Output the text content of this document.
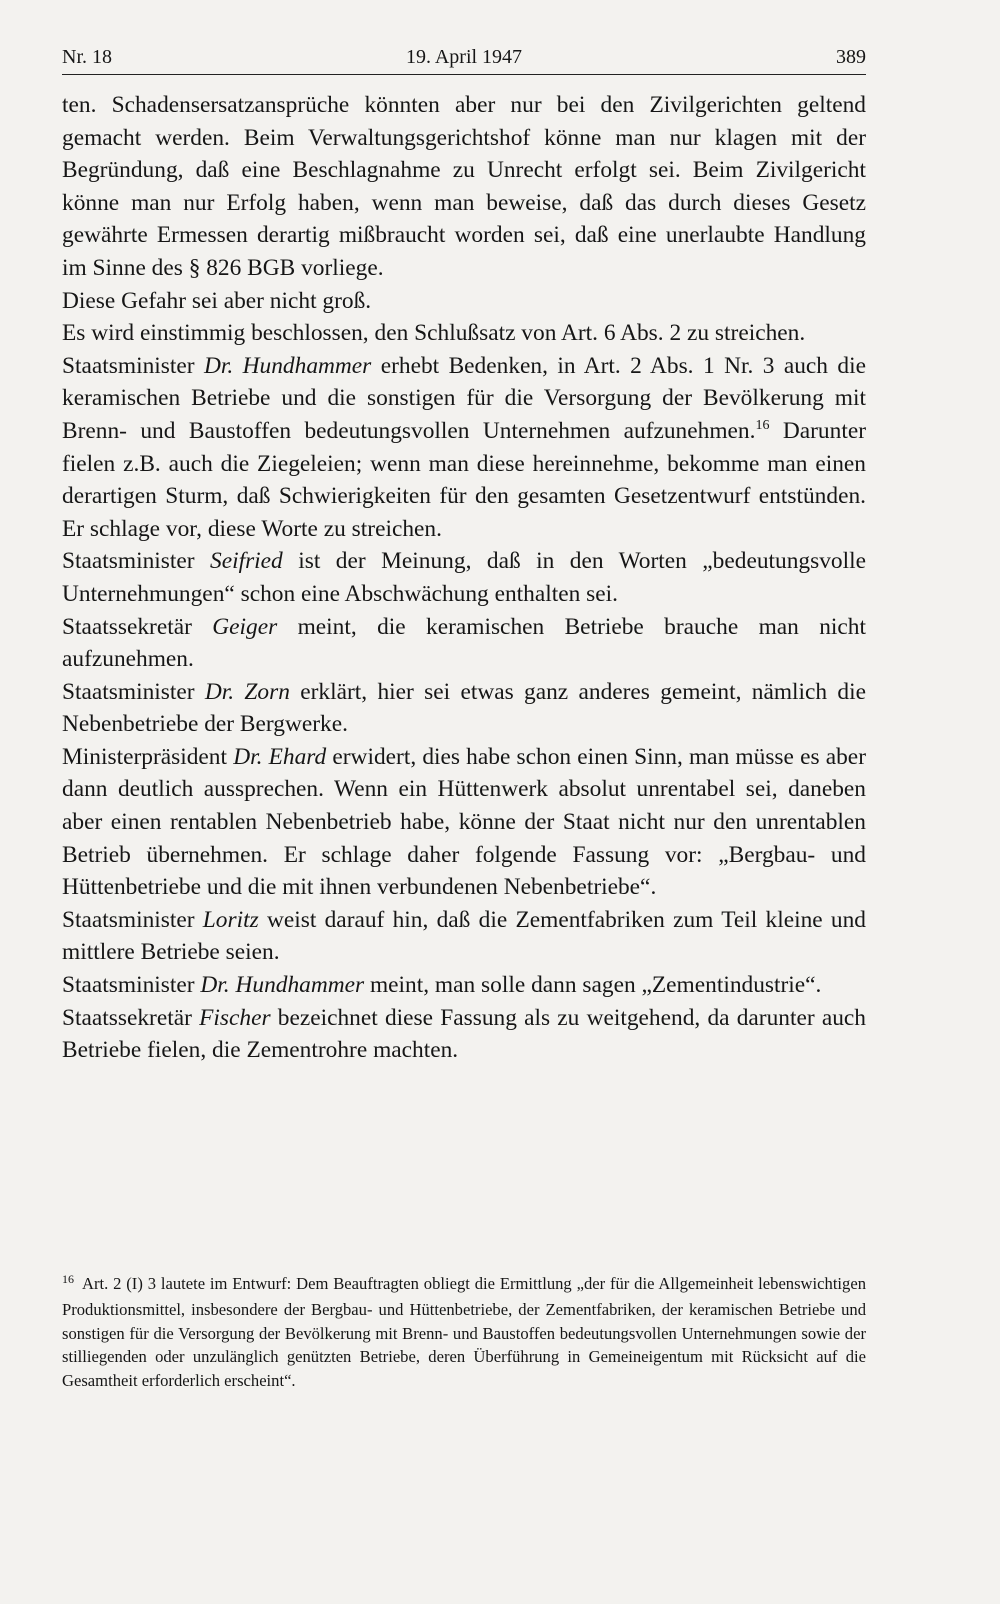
Nr. 18	19. April 1947	389

ten. Schadensersatzansprüche könnten aber nur bei den Zivilgerichten geltend gemacht werden. Beim Verwaltungsgerichtshof könne man nur klagen mit der Begründung, daß eine Beschlagnahme zu Unrecht erfolgt sei. Beim Zivilgericht könne man nur Erfolg haben, wenn man beweise, daß das durch dieses Gesetz gewährte Ermessen derartig mißbraucht worden sei, daß eine unerlaubte Handlung im Sinne des § 826 BGB vorliege.

Diese Gefahr sei aber nicht groß.

Es wird einstimmig beschlossen, den Schlußsatz von Art. 6 Abs. 2 zu streichen.

Staatsminister Dr. Hundhammer erhebt Bedenken, in Art. 2 Abs. 1 Nr. 3 auch die keramischen Betriebe und die sonstigen für die Versorgung der Bevölkerung mit Brenn- und Baustoffen bedeutungsvollen Unternehmen aufzunehmen.$^{16}$ Darunter fielen z.B. auch die Ziegeleien; wenn man diese hereinnehme, bekomme man einen derartigen Sturm, daß Schwierigkeiten für den gesamten Gesetzentwurf entstünden. Er schlage vor, diese Worte zu streichen.

Staatsminister Seifried ist der Meinung, daß in den Worten „bedeutungsvolle Unternehmungen“ schon eine Abschwächung enthalten sei.

Staatssekretär Geiger meint, die keramischen Betriebe brauche man nicht aufzunehmen.

Staatsminister Dr. Zorn erklärt, hier sei etwas ganz anderes gemeint, nämlich die Nebenbetriebe der Bergwerke.

Ministerpräsident Dr. Ehard erwidert, dies habe schon einen Sinn, man müsse es aber dann deutlich aussprechen. Wenn ein Hüttenwerk absolut unrentabel sei, daneben aber einen rentablen Nebenbetrieb habe, könne der Staat nicht nur den unrentablen Betrieb übernehmen. Er schlage daher folgende Fassung vor: „Bergbau- und Hüttenbetriebe und die mit ihnen verbundenen Nebenbetriebe“.

Staatsminister Loritz weist darauf hin, daß die Zementfabriken zum Teil kleine und mittlere Betriebe seien.

Staatsminister Dr. Hundhammer meint, man solle dann sagen „Zementindustrie“.

Staatssekretär Fischer bezeichnet diese Fassung als zu weitgehend, da darunter auch Betriebe fielen, die Zementrohre machten.

$^{16}$ Art. 2 (I) 3 lautete im Entwurf: Dem Beauftragten obliegt die Ermittlung „der für die Allgemeinheit lebenswichtigen Produktionsmittel, insbesondere der Bergbau- und Hüttenbetriebe, der Zementfabriken, der keramischen Betriebe und sonstigen für die Versorgung der Bevölkerung mit Brenn- und Baustoffen bedeutungsvollen Unternehmungen sowie der stilliegenden oder unzulänglich genützten Betriebe, deren Überführung in Gemeineigentum mit Rücksicht auf die Gesamtheit erforderlich erscheint“.
